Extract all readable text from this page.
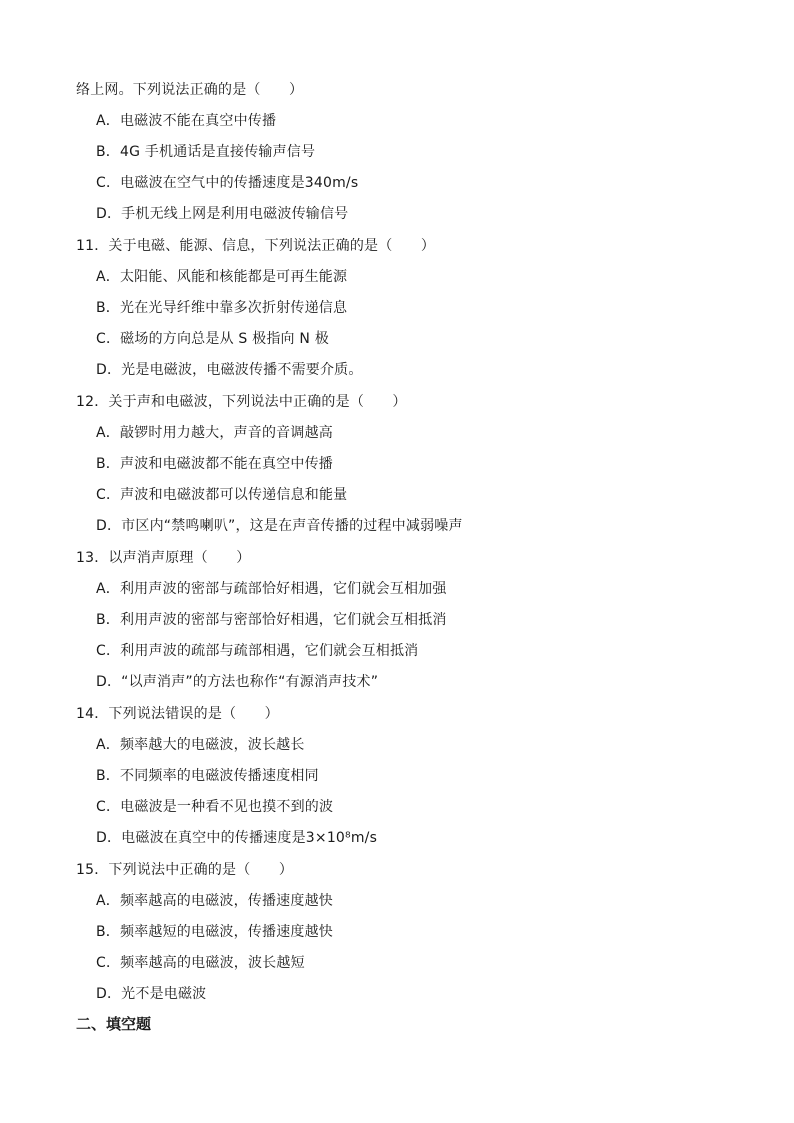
络上网。下列说法正确的是（　　）
A．电磁波不能在真空中传播
B．4G 手机通话是直接传输声信号
C．电磁波在空气中的传播速度是340m/s
D．手机无线上网是利用电磁波传输信号
11．关于电磁、能源、信息，下列说法正确的是（　　）
A．太阳能、风能和核能都是可再生能源
B．光在光导纤维中靠多次折射传递信息
C．磁场的方向总是从 S 极指向 N 极
D．光是电磁波，电磁波传播不需要介质。
12．关于声和电磁波，下列说法中正确的是（　　）
A．敲锣时用力越大，声音的音调越高
B．声波和电磁波都不能在真空中传播
C．声波和电磁波都可以传递信息和能量
D．市区内“禁鸣喇叭”，这是在声音传播的过程中减弱噪声
13．以声消声原理（　　）
A．利用声波的密部与疏部恰好相遇，它们就会互相加强
B．利用声波的密部与密部恰好相遇，它们就会互相抵消
C．利用声波的疏部与疏部相遇，它们就会互相抵消
D．“以声消声”的方法也称作“有源消声技术”
14．下列说法错误的是（　　）
A．频率越大的电磁波，波长越长
B．不同频率的电磁波传播速度相同
C．电磁波是一种看不见也摸不到的波
D．电磁波在真空中的传播速度是3×10⁸m/s
15．下列说法中正确的是（　　）
A．频率越高的电磁波，传播速度越快
B．频率越短的电磁波，传播速度越快
C．频率越高的电磁波，波长越短
D．光不是电磁波
二、填空题
